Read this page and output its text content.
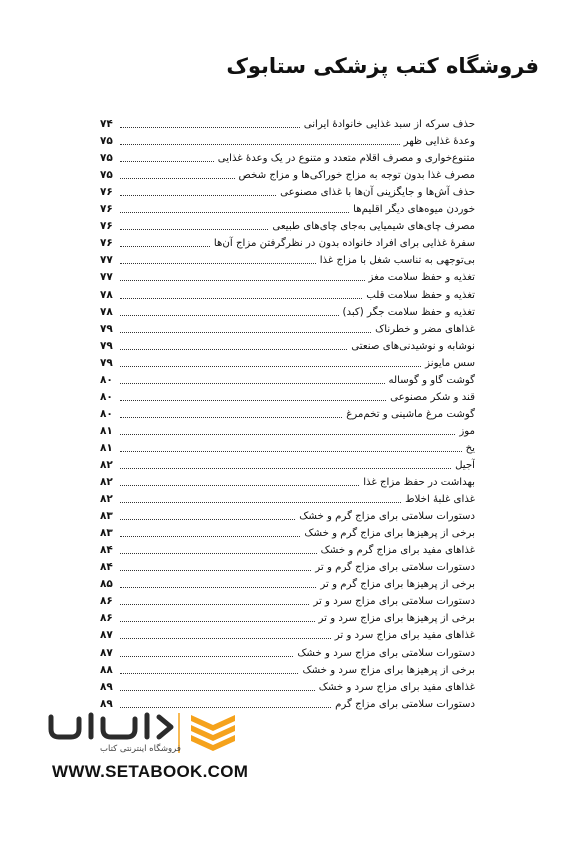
فروشگاه کتب پزشکی ستابوک
حذف سرکه از سبد غذایی خانوادهٔ ایرانی
۷۴
وعدهٔ غذایی ظهر
۷۵
متنوع‌خواری و مصرف اقلام متعدد و متنوع در یک وعدهٔ غذایی
۷۵
مصرف غذا بدون توجه به مزاج خوراکی‌ها و مزاج شخص
۷۵
حذف آش‌ها و جایگزینی آن‌ها با غذای مصنوعی
۷۶
خوردن میوه‌های دیگر اقلیم‌ها
۷۶
مصرف چای‌های شیمیایی به‌جای چای‌های طبیعی
۷۶
سفرهٔ غذایی برای افراد خانواده بدون در نظرگرفتن مزاج آن‌ها
۷۶
بی‌توجهی به تناسب شغل با مزاج غذا
۷۷
تغذیه و حفظ سلامت مغز
۷۷
تغذیه و حفظ سلامت قلب
۷۸
تغذیه و حفظ سلامت جگر (کبد)
۷۸
غذاهای مضر و خطرناک
۷۹
نوشابه و نوشیدنی‌های صنعتی
۷۹
سس مایونز
۷۹
گوشت گاو و گوساله
۸۰
قند و شکر مصنوعی
۸۰
گوشت مرغ ماشینی و تخم‌مرغ
۸۰
موز
۸۱
یخ
۸۱
آجیل
۸۲
بهداشت در حفظ مزاج غذا
۸۲
غذای غلبهٔ اخلاط
۸۲
دستورات سلامتی برای مزاج گرم و خشک
۸۳
برخی از پرهیزها برای مزاج گرم و خشک
۸۳
غذاهای مفید برای مزاج گرم و خشک
۸۴
دستورات سلامتی برای مزاج گرم و تر
۸۴
برخی از پرهیزها برای مزاج گرم و تر
۸۵
دستورات سلامتی برای مزاج سرد و تر
۸۶
برخی از پرهیزها برای مزاج سرد و تر
۸۶
غذاهای مفید برای مزاج سرد و تر
۸۷
دستورات سلامتی برای مزاج سرد و خشک
۸۷
برخی از پرهیزها برای مزاج سرد و خشک
۸۸
غذاهای مفید برای مزاج سرد و خشک
۸۹
دستورات سلامتی برای مزاج گرم
۸۹
فروشگاه اینترنتی کتاب

WWW.SETABOOK.COM
